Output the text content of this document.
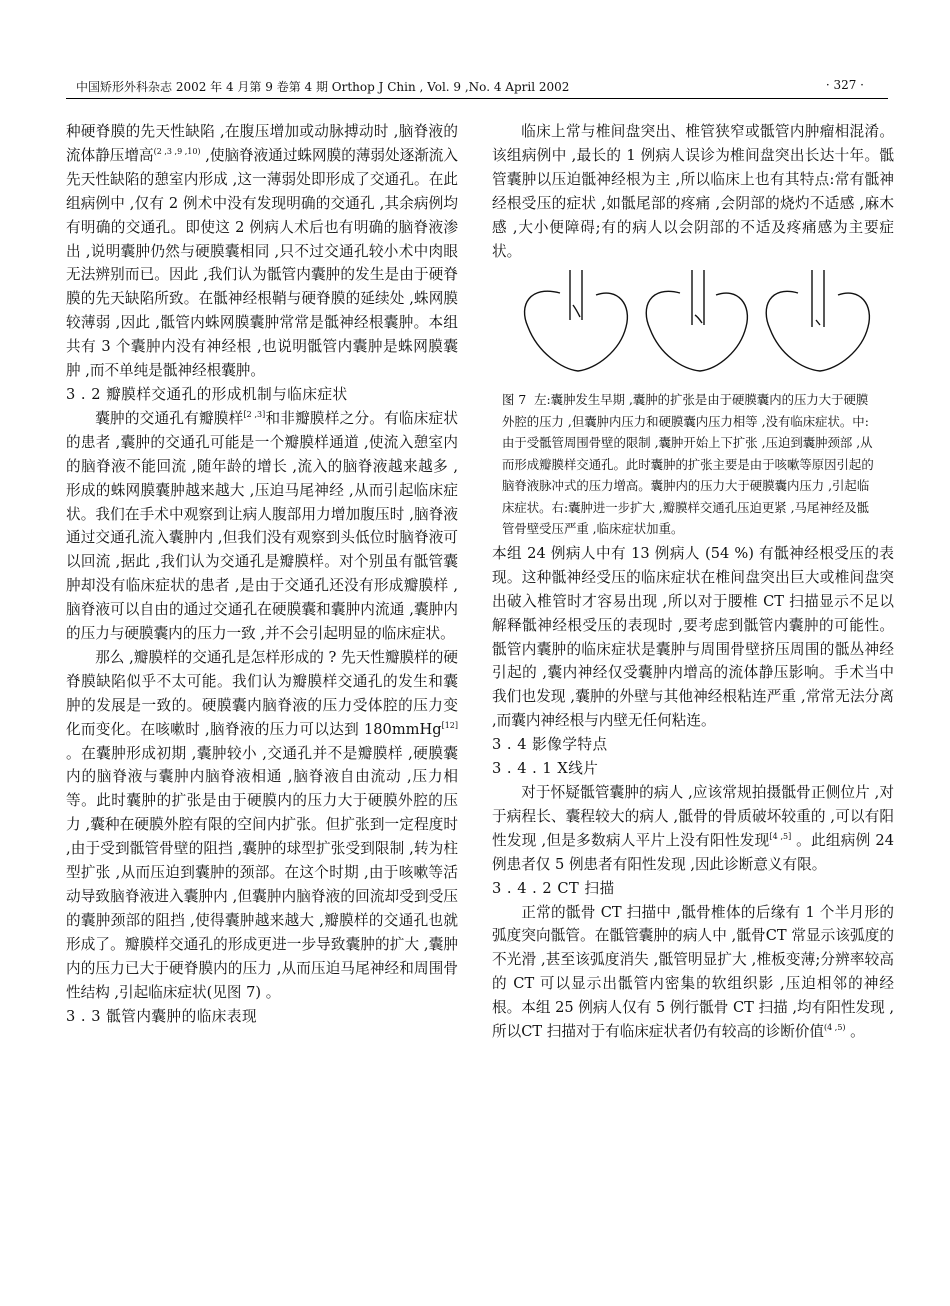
中国矫形外科杂志 2002 年 4 月第 9 卷第 4 期 Orthop J Chin , Vol. 9 ,No. 4 April 2002	· 327 ·

种硬脊膜的先天性缺陷 ,在腹压增加或动脉搏动时 ,脑脊液的流体静压增高$^{(2 ,3 ,9 ,10)}$ ,使脑脊液通过蛛网膜的薄弱处逐渐流入先天性缺陷的憩室内形成 ,这一薄弱处即形成了交通孔。在此组病例中 ,仅有 2 例术中没有发现明确的交通孔 ,其余病例均有明确的交通孔。即使这 2 例病人术后也有明确的脑脊液渗出 ,说明囊肿仍然与硬膜囊相同 ,只不过交通孔较小术中肉眼无法辨别而已。因此 ,我们认为骶管内囊肿的发生是由于硬脊膜的先天缺陷所致。在骶神经根鞘与硬脊膜的延续处 ,蛛网膜较薄弱 ,因此 ,骶管内蛛网膜囊肿常常是骶神经根囊肿。本组共有 3 个囊肿内没有神经根 ,也说明骶管内囊肿是蛛网膜囊肿 ,而不单纯是骶神经根囊肿。

3 . 2 瓣膜样交通孔的形成机制与临床症状

囊肿的交通孔有瓣膜样[2 ,3]和非瓣膜样之分。有临床症状的患者 ,囊肿的交通孔可能是一个瓣膜样通道 ,使流入憩室内的脑脊液不能回流 ,随年龄的增长 ,流入的脑脊液越来越多 ,形成的蛛网膜囊肿越来越大 ,压迫马尾神经 ,从而引起临床症状。我们在手术中观察到让病人腹部用力增加腹压时 ,脑脊液通过交通孔流入囊肿内 ,但我们没有观察到头低位时脑脊液可以回流 ,据此 ,我们认为交通孔是瓣膜样。对个别虽有骶管囊肿却没有临床症状的患者 ,是由于交通孔还没有形成瓣膜样 ,脑脊液可以自由的通过交通孔在硬膜囊和囊肿内流通 ,囊肿内的压力与硬膜囊内的压力一致 ,并不会引起明显的临床症状。

那么 ,瓣膜样的交通孔是怎样形成的 ? 先天性瓣膜样的硬脊膜缺陷似乎不太可能。我们认为瓣膜样交通孔的发生和囊肿的发展是一致的。硬膜囊内脑脊液的压力受体腔的压力变化而变化。在咳嗽时 ,脑脊液的压力可以达到 180mmHg[12] 。在囊肿形成初期 ,囊肿较小 ,交通孔并不是瓣膜样 ,硬膜囊内的脑脊液与囊肿内脑脊液相通 ,脑脊液自由流动 ,压力相等。此时囊肿的扩张是由于硬膜内的压力大于硬膜外腔的压力 ,囊种在硬膜外腔有限的空间内扩张。但扩张到一定程度时 ,由于受到骶管骨壁的阻挡 ,囊肿的球型扩张受到限制 ,转为柱型扩张 ,从而压迫到囊肿的颈部。在这个时期 ,由于咳嗽等活动导致脑脊液进入囊肿内 ,但囊肿内脑脊液的回流却受到受压的囊肿颈部的阻挡 ,使得囊肿越来越大 ,瓣膜样的交通孔也就形成了。瓣膜样交通孔的形成更进一步导致囊肿的扩大 ,囊肿内的压力已大于硬脊膜内的压力 ,从而压迫马尾神经和周围骨性结构 ,引起临床症状(见图 7) 。

3 . 3 骶管内囊肿的临床表现

临床上常与椎间盘突出、椎管狭窄或骶管内肿瘤相混淆。该组病例中 ,最长的 1 例病人误诊为椎间盘突出长达十年。骶管囊肿以压迫骶神经根为主 ,所以临床上也有其特点:常有骶神经根受压的症状 ,如骶尾部的疼痛 ,会阴部的烧灼不适感 ,麻木感 ,大小便障碍;有的病人以会阴部的不适及疼痛感为主要症状。

图 7 左:囊肿发生早期 ,囊肿的扩张是由于硬膜囊内的压力大于硬膜外腔的压力 ,但囊肿内压力和硬膜囊内压力相等 ,没有临床症状。中:由于受骶管周围骨壁的限制 ,囊肿开始上下扩张 ,压迫到囊肿颈部 ,从而形成瓣膜样交通孔。此时囊肿的扩张主要是由于咳嗽等原因引起的脑脊液脉冲式的压力增高。囊肿内的压力大于硬膜囊内压力 ,引起临床症状。右:囊肿进一步扩大 ,瓣膜样交通孔压迫更紧 ,马尾神经及骶管骨壁受压严重 ,临床症状加重。

本组 24 例病人中有 13 例病人 (54 %) 有骶神经根受压的表现。这种骶神经受压的临床症状在椎间盘突出巨大或椎间盘突出破入椎管时才容易出现 ,所以对于腰椎 CT 扫描显示不足以解释骶神经根受压的表现时 ,要考虑到骶管内囊肿的可能性。骶管内囊肿的临床症状是囊肿与周围骨壁挤压周围的骶丛神经引起的 ,囊内神经仅受囊肿内增高的流体静压影响。手术当中我们也发现 ,囊肿的外壁与其他神经根粘连严重 ,常常无法分离 ,而囊内神经根与内壁无任何粘连。

3 . 4 影像学特点

3 . 4 . 1 X线片

对于怀疑骶管囊肿的病人 ,应该常规拍摄骶骨正侧位片 ,对于病程长、囊程较大的病人 ,骶骨的骨质破坏较重的 ,可以有阳性发现 ,但是多数病人平片上没有阳性发现[4 ,5] 。此组病例 24 例患者仅 5 例患者有阳性发现 ,因此诊断意义有限。

3 . 4 . 2 CT 扫描

正常的骶骨 CT 扫描中 ,骶骨椎体的后缘有 1 个半月形的弧度突向骶管。在骶管囊肿的病人中 ,骶骨CT 常显示该弧度的不光滑 ,甚至该弧度消失 ,骶管明显扩大 ,椎板变薄;分辨率较高的 CT 可以显示出骶管内密集的软组织影 ,压迫相邻的神经根。本组 25 例病人仅有 5 例行骶骨 CT 扫描 ,均有阳性发现 ,所以CT 扫描对于有临床症状者仍有较高的诊断价值$^{(4 ,5)}$ 。
